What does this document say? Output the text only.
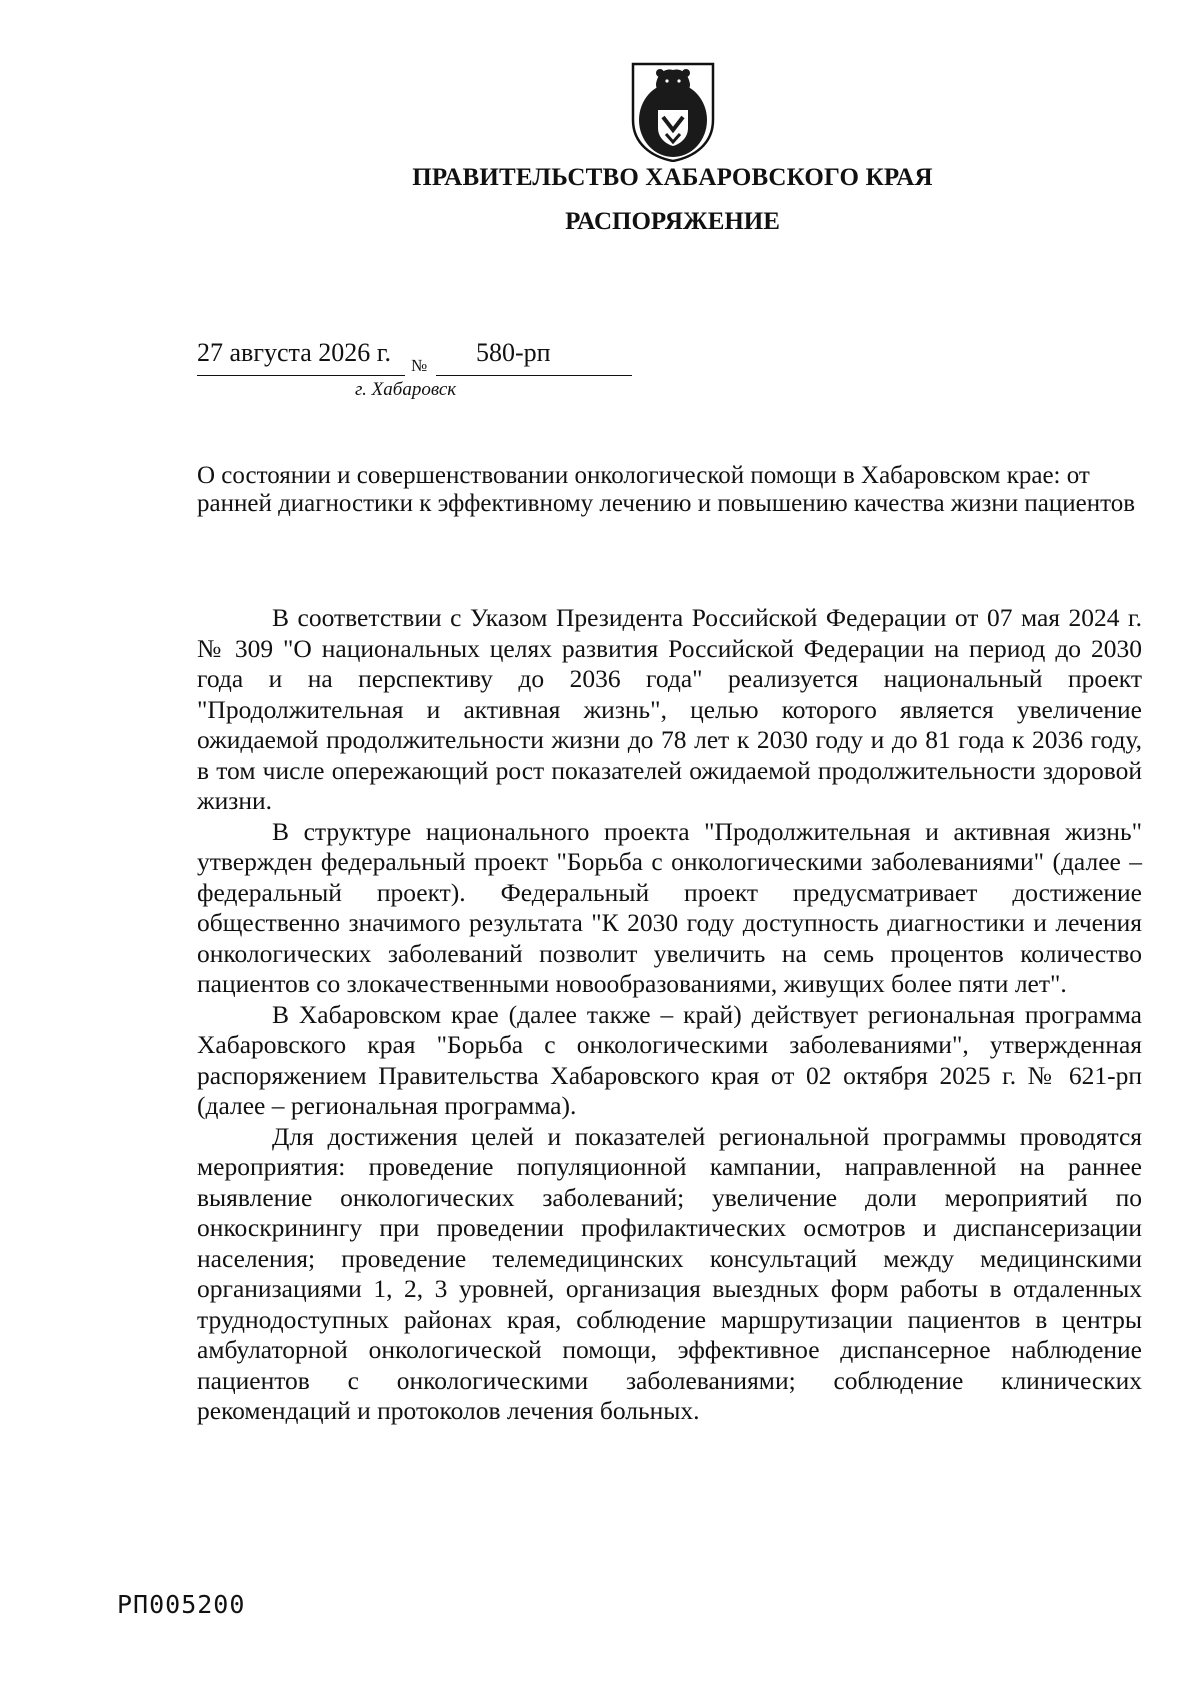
ПРАВИТЕЛЬСТВО ХАБАРОВСКОГО КРАЯ
РАСПОРЯЖЕНИЕ
27 августа 2026 г. № 580-рп
г. Хабаровск
О состоянии и совершенствовании онкологической помощи в Хабаровском крае: от ранней диагностики к эффективному лечению и повышению качества жизни пациентов

В соответствии с Указом Президента Российской Федерации от 07 мая 2024 г. № 309 "О национальных целях развития Российской Федерации на период до 2030 года и на перспективу до 2036 года" реализуется национальный проект "Продолжительная и активная жизнь", целью которого является увеличение ожидаемой продолжительности жизни до 78 лет к 2030 году и до 81 года к 2036 году, в том числе опережающий рост показателей ожидаемой продолжительности здоровой жизни.

В структуре национального проекта "Продолжительная и активная жизнь" утвержден федеральный проект "Борьба с онкологическими заболеваниями" (далее – федеральный проект). Федеральный проект предусматривает достижение общественно значимого результата "К 2030 году доступность диагностики и лечения онкологических заболеваний позволит увеличить на семь процентов количество пациентов со злокачественными новообразованиями, живущих более пяти лет".

В Хабаровском крае (далее также – край) действует региональная программа Хабаровского края "Борьба с онкологическими заболеваниями", утвержденная распоряжением Правительства Хабаровского края от 02 октября 2025 г. № 621-рп (далее – региональная программа).

Для достижения целей и показателей региональной программы проводятся мероприятия: проведение популяционной кампании, направленной на раннее выявление онкологических заболеваний; увеличение доли мероприятий по онкоскринингу при проведении профилактических осмотров и диспансеризации населения; проведение телемедицинских консультаций между медицинскими организациями 1, 2, 3 уровней, организация выездных форм работы в отдаленных труднодоступных районах края, соблюдение маршрутизации пациентов в центры амбулаторной онкологической помощи, эффективное диспансерное наблюдение пациентов с онкологическими заболеваниями; соблюдение клинических рекомендаций и протоколов лечения больных.

РП005200
